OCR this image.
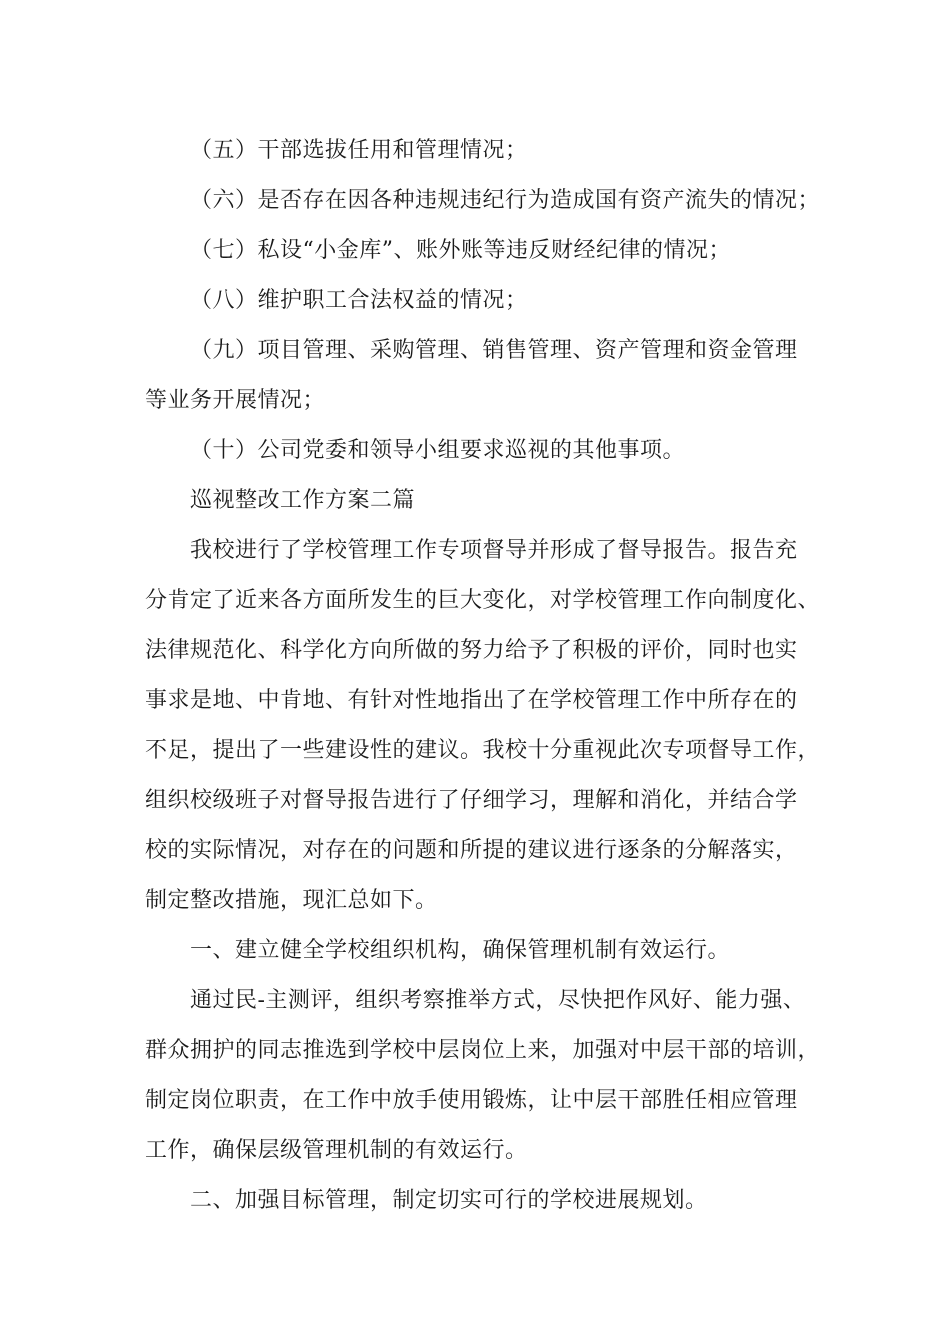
（五）干部选拔任用和管理情况；
（六）是否存在因各种违规违纪行为造成国有资产流失的情况；
（七）私设“小金库”、账外账等违反财经纪律的情况；
（八）维护职工合法权益的情况；
（九）项目管理、采购管理、销售管理、资产管理和资金管理
等业务开展情况；
（十）公司党委和领导小组要求巡视的其他事项。
巡视整改工作方案二篇
我校进行了学校管理工作专项督导并形成了督导报告。报告充
分肯定了近来各方面所发生的巨大变化，对学校管理工作向制度化、
法律规范化、科学化方向所做的努力给予了积极的评价，同时也实
事求是地、中肯地、有针对性地指出了在学校管理工作中所存在的
不足，提出了一些建设性的建议。我校十分重视此次专项督导工作，
组织校级班子对督导报告进行了仔细学习，理解和消化，并结合学
校的实际情况，对存在的问题和所提的建议进行逐条的分解落实，
制定整改措施，现汇总如下。
一、建立健全学校组织机构，确保管理机制有效运行。
通过民-主测评，组织考察推举方式，尽快把作风好、能力强、
群众拥护的同志推选到学校中层岗位上来，加强对中层干部的培训，
制定岗位职责，在工作中放手使用锻炼，让中层干部胜任相应管理
工作，确保层级管理机制的有效运行。
二、加强目标管理，制定切实可行的学校进展规划。
